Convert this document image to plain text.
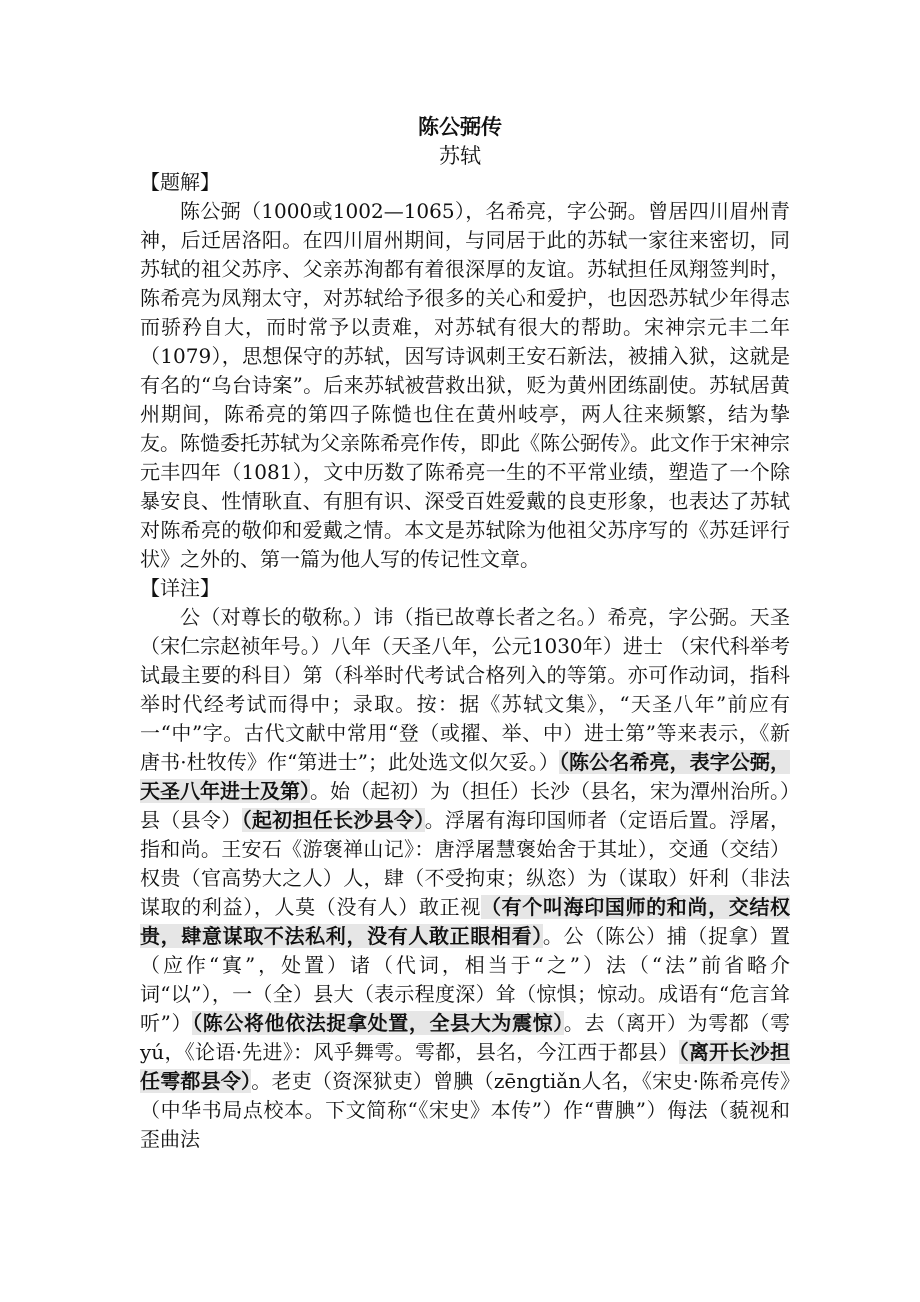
陈公弼传
苏轼
【题解】

陈公弼（1000或1002—1065），名希亮，字公弼。曾居四川眉州青神，后迁居洛阳。在四川眉州期间，与同居于此的苏轼一家往来密切，同苏轼的祖父苏序、父亲苏洵都有着很深厚的友谊。苏轼担任凤翔签判时，陈希亮为凤翔太守，对苏轼给予很多的关心和爱护，也因恐苏轼少年得志而骄矜自大，而时常予以责难，对苏轼有很大的帮助。宋神宗元丰二年（1079），思想保守的苏轼，因写诗讽刺王安石新法，被捕入狱，这就是有名的“乌台诗案”。后来苏轼被营救出狱，贬为黄州团练副使。苏轼居黄州期间，陈希亮的第四子陈慥也住在黄州岐亭，两人往来频繁，结为挚友。陈慥委托苏轼为父亲陈希亮作传，即此《陈公弼传》。此文作于宋神宗元丰四年（1081），文中历数了陈希亮一生的不平常业绩，塑造了一个除暴安良、性情耿直、有胆有识、深受百姓爱戴的良吏形象，也表达了苏轼对陈希亮的敬仰和爱戴之情。本文是苏轼除为他祖父苏序写的《苏廷评行状》之外的、第一篇为他人写的传记性文章。

【详注】

公（对尊长的敬称。）讳（指已故尊长者之名。）希亮，字公弼。天圣（宋仁宗赵祯年号。）八年（天圣八年，公元1030年）进士 （宋代科举考试最主要的科目）第（科举时代考试合格列入的等第。亦可作动词，指科举时代经考试而得中；录取。按：据《苏轼文集》，“天圣八年”前应有一“中”字。古代文献中常用“登（或擢、举、中）进士第”等来表示，《新唐书·杜牧传》作“第进士”；此处选文似欠妥。）（陈公名希亮，表字公弼，天圣八年进士及第）。始（起初）为（担任）长沙（县名，宋为潭州治所。）县（县令）（起初担任长沙县令）。浮屠有海印国师者（定语后置。浮屠，指和尚。王安石《游褒禅山记》：唐浮屠慧褒始舍于其址），交通（交结）权贵（官高势大之人）人，肆（不受拘束；纵恣）为（谋取）奸利（非法谋取的利益），人莫（没有人）敢正视（有个叫海印国师的和尚，交结权贵，肆意谋取不法私利，没有人敢正眼相看）。公（陈公）捕（捉拿）置（应作“寘”，处置）诸（代词，相当于“之”）法（“法”前省略介词“以”），一（全）县大（表示程度深）耸（惊惧；惊动。成语有“危言耸听”）（陈公将他依法捉拿处置，全县大为震惊）。去（离开）为雩都（雩yú，《论语·先进》：风乎舞雩。雩都，县名，今江西于都县）（离开长沙担任雩都县令）。老吏（资深狱吏）曾腆（zēngtiǎn人名，《宋史·陈希亮传》（中华书局点校本。下文简称“《宋史》本传”）作“曹腆”）侮法（藐视和歪曲法
